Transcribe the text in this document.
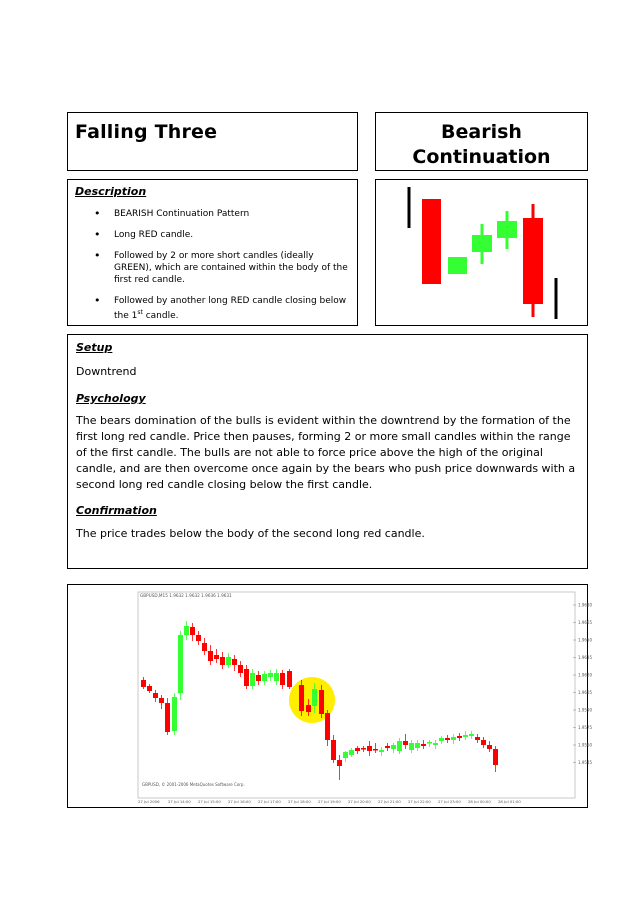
Falling Three	Bearish
Continuation
Description
• BEARISH Continuation Pattern
• Long RED candle.
• Followed by 2 or more short candles (ideally GREEN), which are contained within the body of the first red candle.
• Followed by another long RED candle closing below the 1st candle.

Setup

Downtrend

Psychology

The bears domination of the bulls is evident within the downtrend by the formation of the first long red candle. Price then pauses, forming 2 or more small candles within the range of the first candle. The bulls are not able to force price above the high of the original candle, and are then overcome once again by the bears who push price downwards with a second long red candle closing below the first candle.

Confirmation

The price trades below the body of the second long red candle.

GBPUSD,M15 1.9632 1.9632 1.9636 1.9631
GBPUSD, © 2001-2006 MetaQuotes Software Corp.
1.9680
1.9665
1.9650
1.9635
1.9620
1.9605
1.9590
1.9575
1.9560
1.9545
27 Jul 2006 27 Jul 14:00 27 Jul 15:00 27 Jul 16:00 27 Jul 17:00 27 Jul 18:00 27 Jul 19:00 27 Jul 20:00 27 Jul 21:00 27 Jul 22:00 27 Jul 23:00 28 Jul 00:00 28 Jul 01:00
